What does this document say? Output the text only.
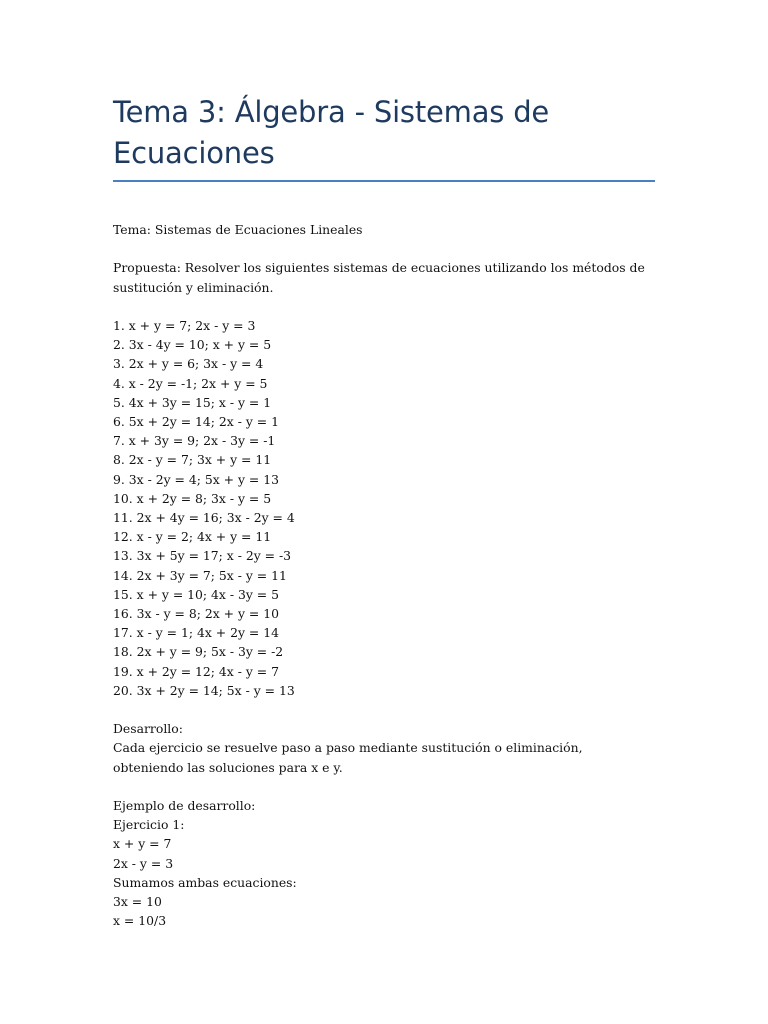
Tema 3: Álgebra - Sistemas de Ecuaciones

Tema: Sistemas de Ecuaciones Lineales

Propuesta: Resolver los siguientes sistemas de ecuaciones utilizando los métodos de sustitución y eliminación.

1. x + y = 7; 2x - y = 3
2. 3x - 4y = 10; x + y = 5
3. 2x + y = 6; 3x - y = 4
4. x - 2y = -1; 2x + y = 5
5. 4x + 3y = 15; x - y = 1
6. 5x + 2y = 14; 2x - y = 1
7. x + 3y = 9; 2x - 3y = -1
8. 2x - y = 7; 3x + y = 11
9. 3x - 2y = 4; 5x + y = 13
10. x + 2y = 8; 3x - y = 5
11. 2x + 4y = 16; 3x - 2y = 4
12. x - y = 2; 4x + y = 11
13. 3x + 5y = 17; x - 2y = -3
14. 2x + 3y = 7; 5x - y = 11
15. x + y = 10; 4x - 3y = 5
16. 3x - y = 8; 2x + y = 10
17. x - y = 1; 4x + 2y = 14
18. 2x + y = 9; 5x - 3y = -2
19. x + 2y = 12; 4x - y = 7
20. 3x + 2y = 14; 5x - y = 13

Desarrollo:
Cada ejercicio se resuelve paso a paso mediante sustitución o eliminación, obteniendo las soluciones para x e y.

Ejemplo de desarrollo:
Ejercicio 1:
x + y = 7
2x - y = 3
Sumamos ambas ecuaciones:
3x = 10
x = 10/3
